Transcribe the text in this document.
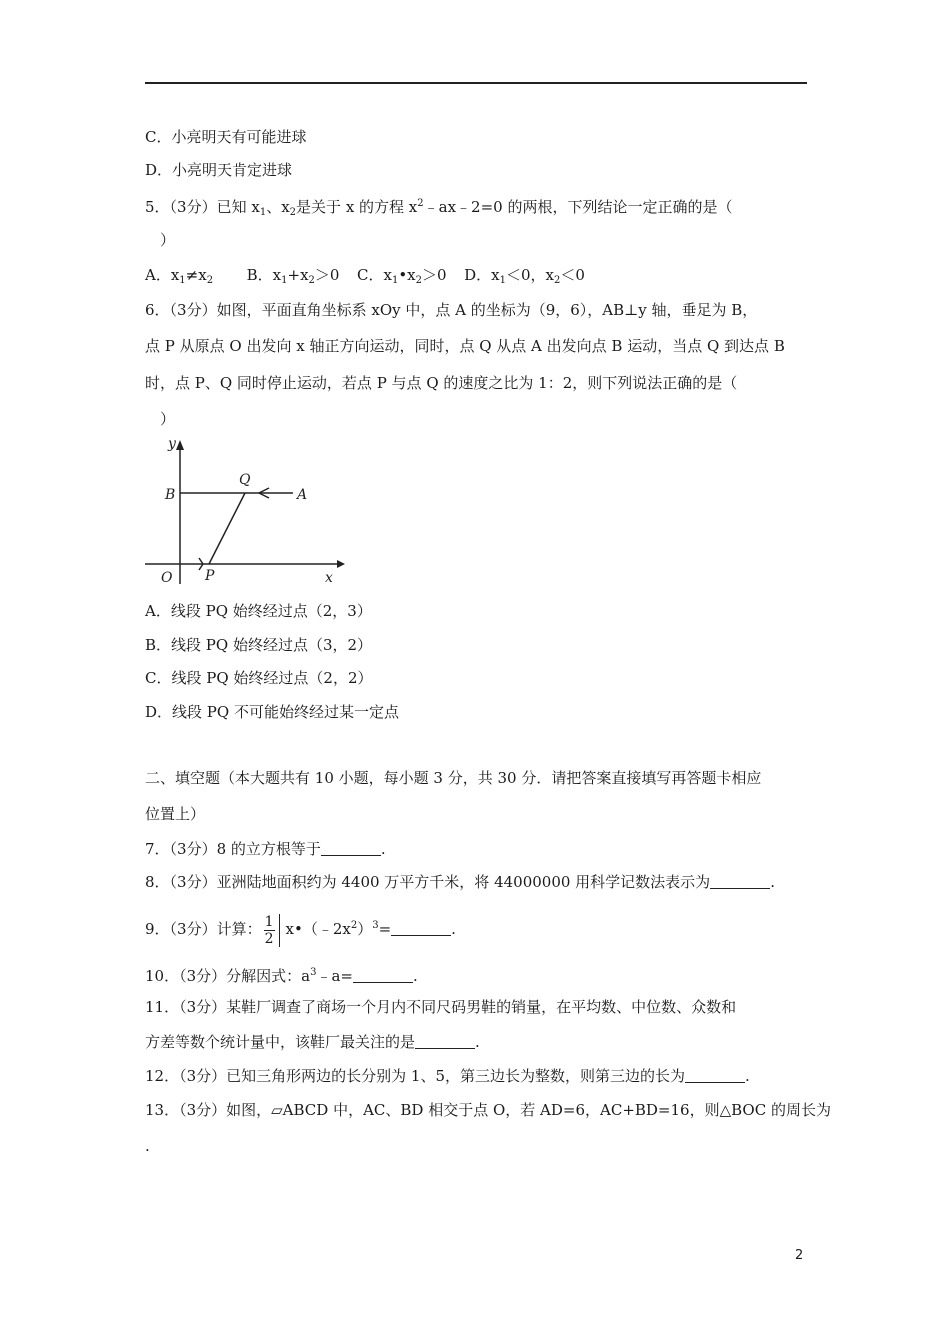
C．小亮明天有可能进球
D．小亮明天肯定进球
5．（3分）已知 $x_1$、$x_2$是关于 x 的方程 $x^2﹣ax﹣2=0$ 的两根，下列结论一定正确的是（
）
A．$x_1\ne x_2$ B．$x_1+x_2>0$ C．$x_1•x_2>0$ D．$x_1<0$，$x_2<0$
6．（3分）如图，平面直角坐标系 xOy 中，点 A 的坐标为（9，6），AB⊥y 轴，垂足为 B，
点 P 从原点 O 出发向 x 轴正方向运动，同时，点 Q 从点 A 出发向点 B 运动，当点 Q 到达点 B
时，点 P、Q 同时停止运动，若点 P 与点 Q 的速度之比为 1：2，则下列说法正确的是（
）
y
B
Q
A
O P	x
A．线段 PQ 始终经过点（2，3）
B．线段 PQ 始终经过点（3，2）
C．线段 PQ 始终经过点（2，2）
D．线段 PQ 不可能始终经过某一定点
二、填空题（本大题共有 10 小题，每小题 3 分，共 30 分．请把答案直接填写再答题卡相应
位置上）
7．（3分）8 的立方根等于	.
8．（3分）亚洲陆地面积约为 4400 万平方千米，将 44000000 用科学记数法表示为	.
9．（3分）计算： $\frac{1}{2}$ $x•(﹣2x^2)^3=$	.
10．（3分）分解因式：$a^3﹣a=$	.
11．（3分）某鞋厂调查了商场一个月内不同尺码男鞋的销量，在平均数、中位数、众数和
方差等数个统计量中，该鞋厂最关注的是	.
12．（3分）已知三角形两边的长分别为 1、5，第三边长为整数，则第三边的长为	.
13．（3分）如图，▱ABCD 中，AC、BD 相交于点 O，若 AD=6，AC+BD=16，则△BOC 的周长为
.
2
